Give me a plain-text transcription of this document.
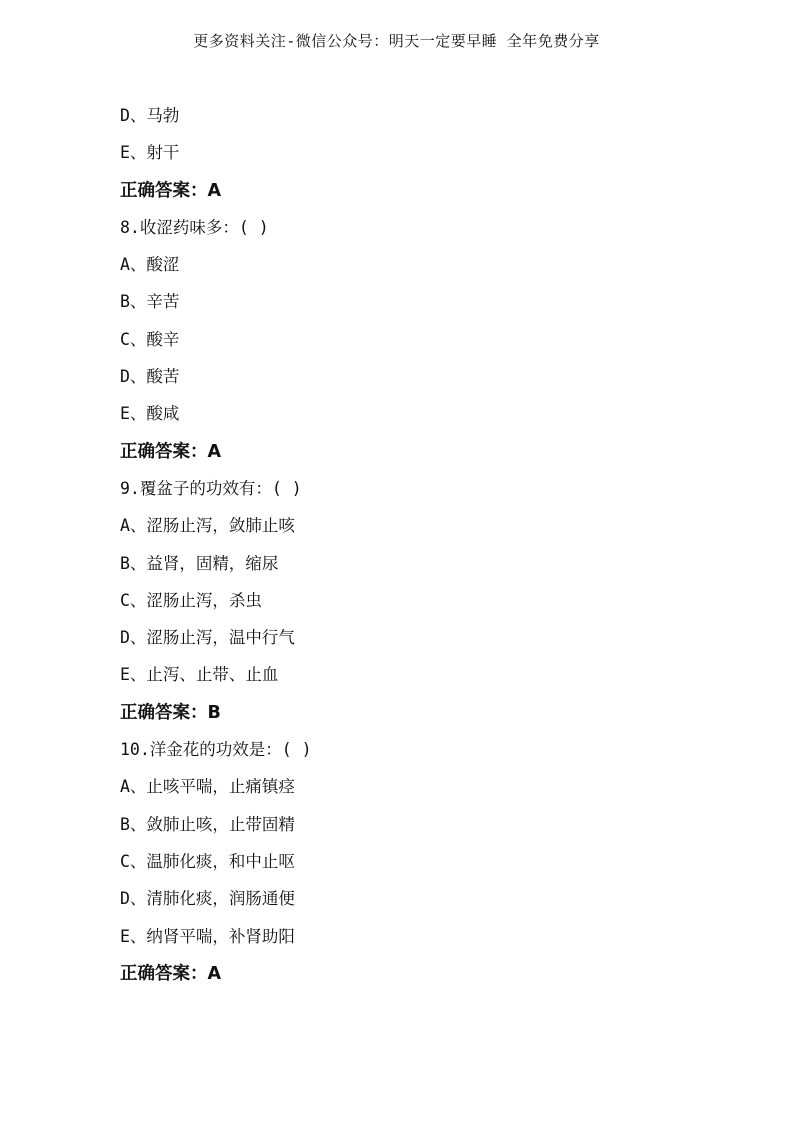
更多资料关注-微信公众号：明天一定要早睡 全年免费分享
D、马勃
E、射干
正确答案：A
8.收涩药味多：( )
A、酸涩
B、辛苦
C、酸辛
D、酸苦
E、酸咸
正确答案：A
9.覆盆子的功效有：( )
A、涩肠止泻，敛肺止咳
B、益肾，固精，缩尿
C、涩肠止泻，杀虫
D、涩肠止泻，温中行气
E、止泻、止带、止血
正确答案：B
10.洋金花的功效是：( )
A、止咳平喘，止痛镇痉
B、敛肺止咳，止带固精
C、温肺化痰，和中止呕
D、清肺化痰，润肠通便
E、纳肾平喘，补肾助阳
正确答案：A
